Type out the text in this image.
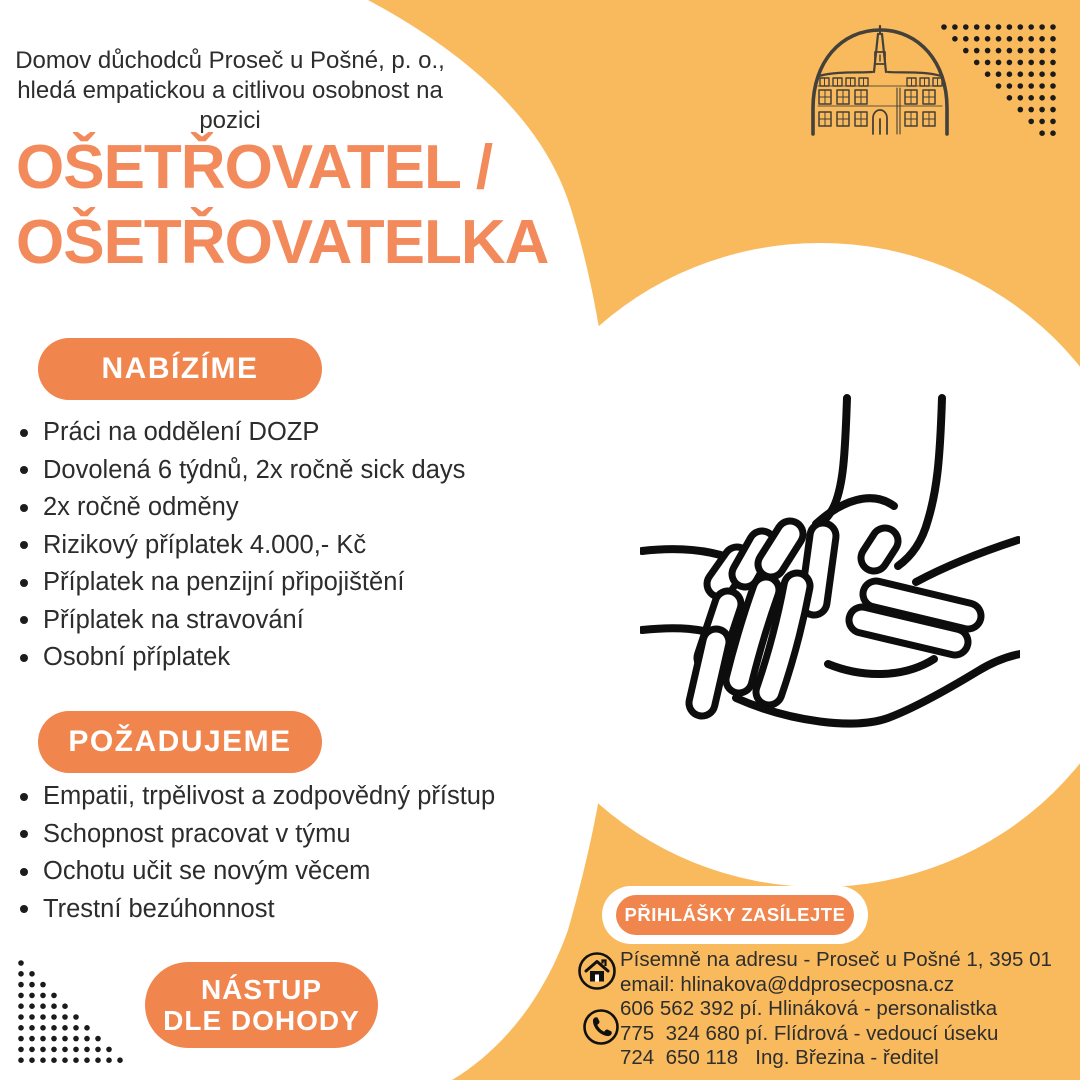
Domov důchodců Proseč u Pošné, p. o.,
hledá empatickou a citlivou osobnost na pozici
OŠETŘOVATEL /
OŠETŘOVATELKA
NABÍZÍME
Práci na oddělení DOZP
Dovolená 6 týdnů, 2x ročně sick days
2x ročně odměny
Rizikový příplatek 4.000,- Kč
Příplatek na penzijní připojištění
Příplatek na stravování
Osobní příplatek
POŽADUJEME
Empatii, trpělivost a zodpovědný přístup
Schopnost pracovat v týmu
Ochotu učit se novým věcem
Trestní bezúhonnost
NÁSTUP
DLE DOHODY
PŘIHLÁŠKY ZASÍLEJTE
Písemně na adresu - Proseč u Pošné 1, 395 01
email: hlinakova@ddprosecposna.cz
606 562 392 pí. Hlináková - personalistka
775  324 680 pí. Flídrová - vedoucí úseku
724  650 118   Ing. Březina - ředitel
